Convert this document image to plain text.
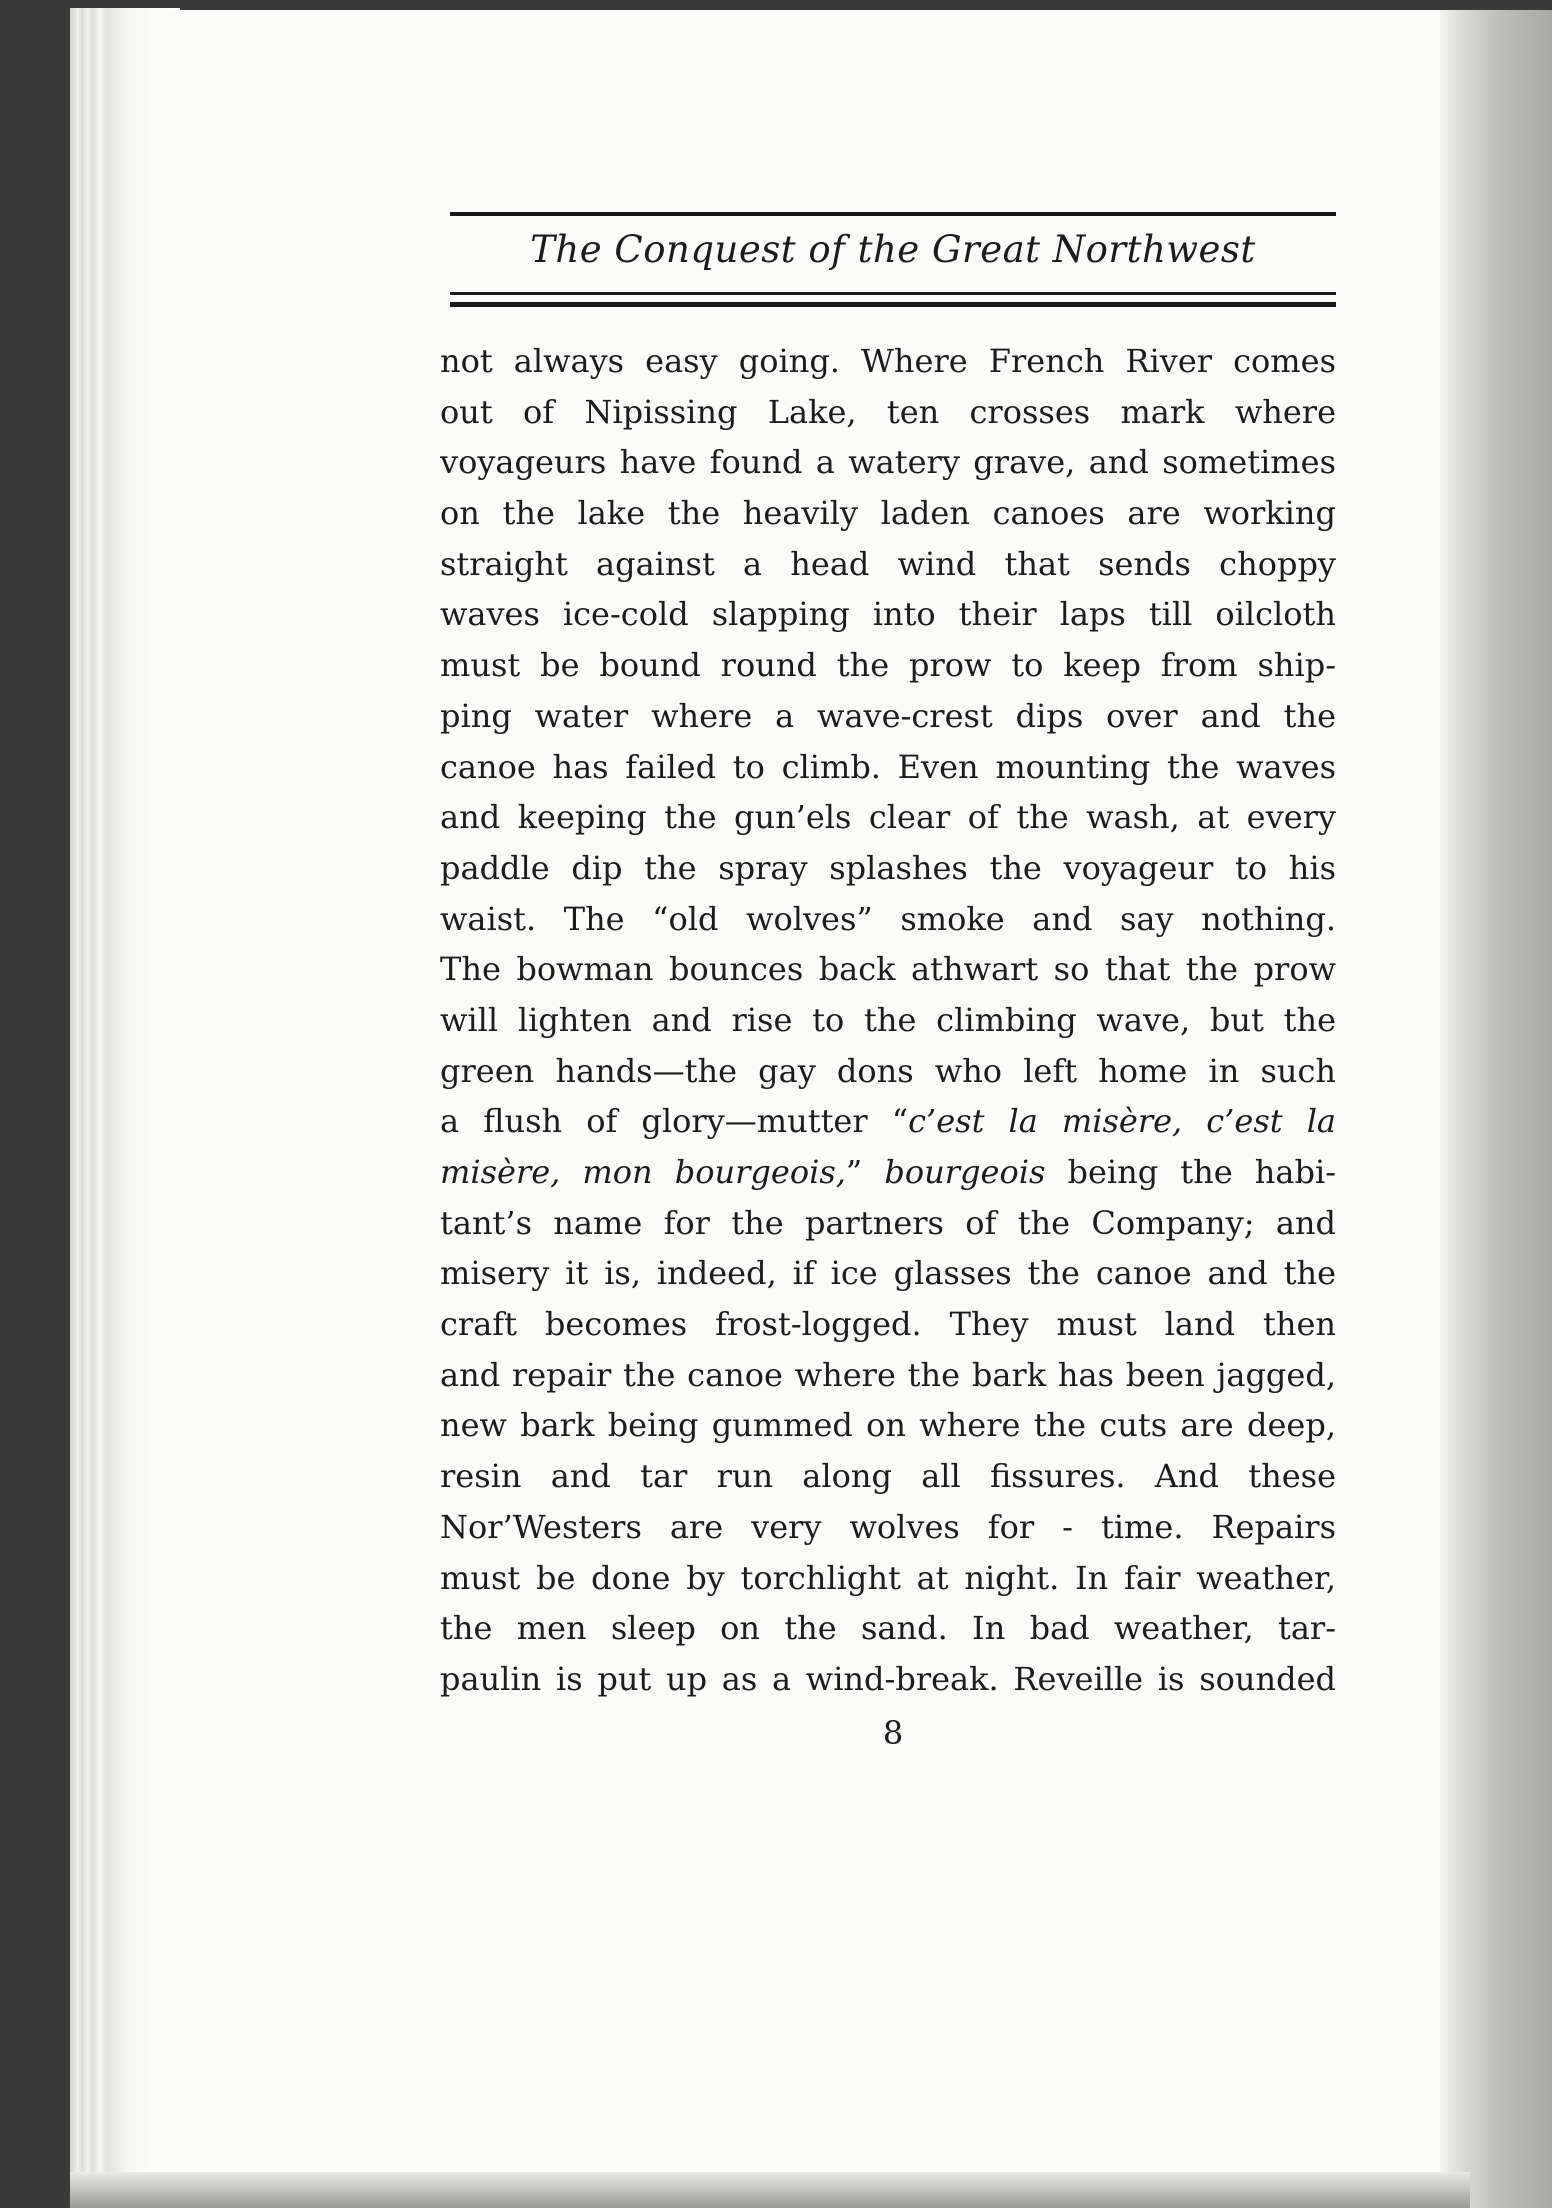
The Conquest of the Great Northwest
not always easy going. Where French River comes
out of Nipissing Lake, ten crosses mark where
voyageurs have found a watery grave, and sometimes
on the lake the heavily laden canoes are working
straight against a head wind that sends choppy
waves ice-cold slapping into their laps till oilcloth
must be bound round the prow to keep from ship-
ping water where a wave-crest dips over and the
canoe has failed to climb. Even mounting the waves
and keeping the gun’els clear of the wash, at every
paddle dip the spray splashes the voyageur to his
waist. The “old wolves” smoke and say nothing.
The bowman bounces back athwart so that the prow
will lighten and rise to the climbing wave, but the
green hands—the gay dons who left home in such
a flush of glory—mutter “c’est la misère, c’est la
misère, mon bourgeois,” bourgeois being the habi-
tant’s name for the partners of the Company; and
misery it is, indeed, if ice glasses the canoe and the
craft becomes frost-logged. They must land then
and repair the canoe where the bark has been jagged,
new bark being gummed on where the cuts are deep,
resin and tar run along all fissures. And these
Nor’Westers are very wolves for - time. Repairs
must be done by torchlight at night. In fair weather,
the men sleep on the sand. In bad weather, tar-
paulin is put up as a wind-break. Reveille is sounded
8
